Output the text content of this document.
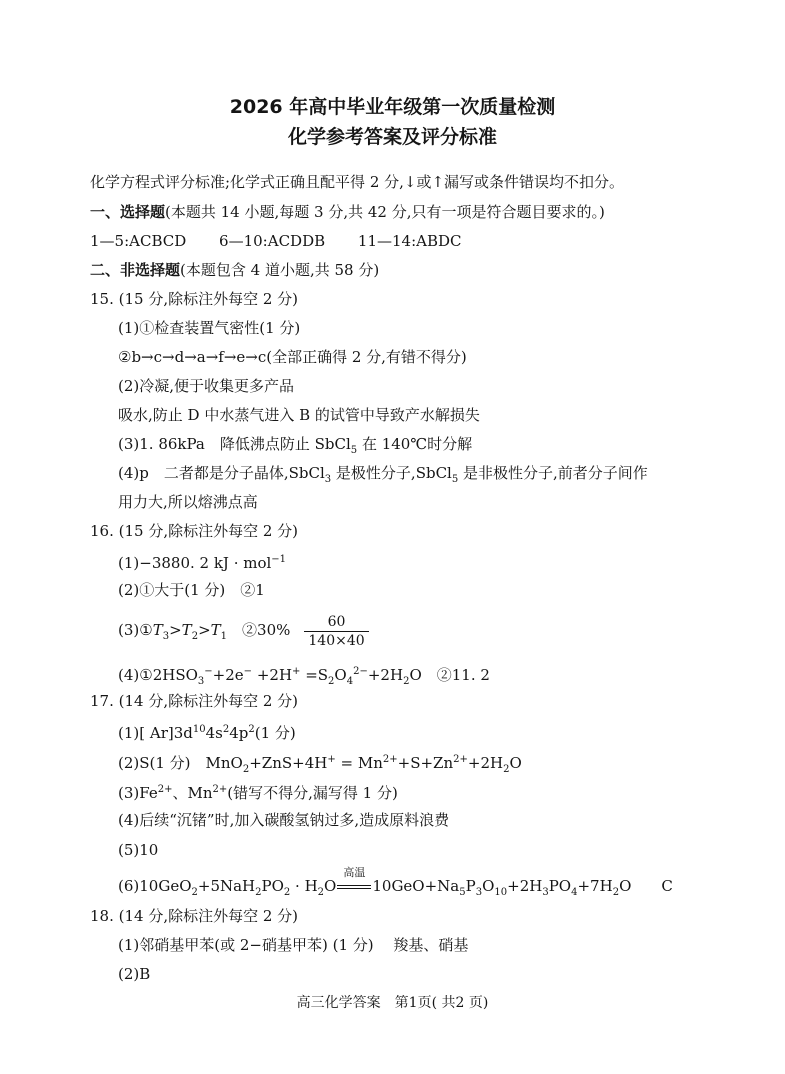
2026 年高中毕业年级第一次质量检测
化学参考答案及评分标准
化学方程式评分标准;化学式正确且配平得 2 分,↓或↑漏写或条件错误均不扣分。
一、选择题(本题共 14 小题,每题 3 分,共 42 分,只有一项是符合题目要求的。)
1—5:ACBCD 6—10:ACDDB 11—14:ABDC
二、非选择题(本题包含 4 道小题,共 58 分)
15. (15 分,除标注外每空 2 分)
(1)①检查装置气密性(1 分)
②b→c→d→a→f→e→c(全部正确得 2 分,有错不得分)
(2)冷凝,便于收集更多产品
吸水,防止 D 中水蒸气进入 B 的试管中导致产水解损失
(3)1. 86kPa　降低沸点防止 SbCl$_5$ 在 140℃时分解
(4)p　二者都是分子晶体,SbCl$_3$ 是极性分子,SbCl$_5$ 是非极性分子,前者分子间作
用力大,所以熔沸点高
16. (15 分,除标注外每空 2 分)
(1)−3880. 2 kJ · mol$^{-1}$
(2)①大于(1 分)　②1
$(3)①T_3>T_2>T_1$　②30% $\frac{60}{140\times 40}$
$(4)①2HSO_3^-+2e^- +2H^+ =S_2O_4^{2-}+2H_2O$　②11. 2
17. (14 分,除标注外每空 2 分)
(1)[ $Ar]3d^{10}4s^24p^2(1$ 分)
(2)S(1 分)　$MnO_2+ZnS+4H^+ = Mn^{2+}+S+Zn^{2+}+2H_2O$
$(3)Fe^{2+}$、$Mn^{2+}$(错写不得分,漏写得 1 分)
(4)后续“沉锗”时,加入碳酸氢钠过多,造成原料浪费
(5)10
$(6)10GeO_2+5NaH_2PO_2 \cdot H_2O$
高温
$10GeO+Na_5P_3O_{10}+2H_3PO_4+7H_2O$　　C
18. (14 分,除标注外每空 2 分)
(1)邻硝基甲苯(或 2−硝基甲苯) (1 分)　 羧基、硝基
(2)B
高三化学答案　第1页( 共2 页)
